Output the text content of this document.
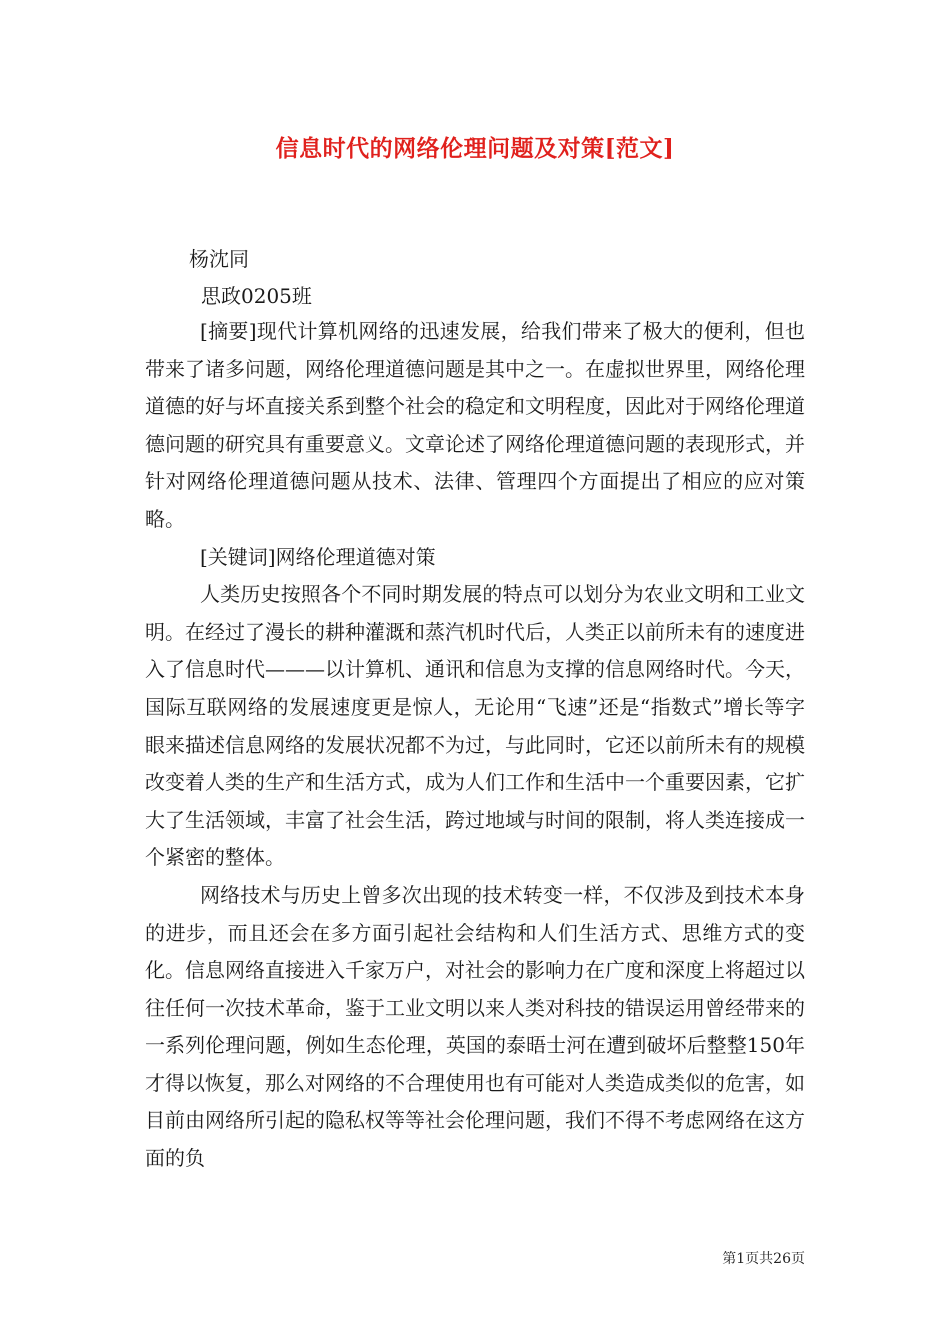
信息时代的网络伦理问题及对策[范文]
杨沈同
思政0205班

[摘要]现代计算机网络的迅速发展，给我们带来了极大的便利，但也带来了诸多问题，网络伦理道德问题是其中之一。在虚拟世界里，网络伦理道德的好与坏直接关系到整个社会的稳定和文明程度，因此对于网络伦理道德问题的研究具有重要意义。文章论述了网络伦理道德问题的表现形式，并针对网络伦理道德问题从技术、法律、管理四个方面提出了相应的应对策略。

[关键词]网络伦理道德对策

人类历史按照各个不同时期发展的特点可以划分为农业文明和工业文明。在经过了漫长的耕种灌溉和蒸汽机时代后，人类正以前所未有的速度进入了信息时代———以计算机、通讯和信息为支撑的信息网络时代。今天，国际互联网络的发展速度更是惊人，无论用“飞速”还是“指数式”增长等字眼来描述信息网络的发展状况都不为过，与此同时，它还以前所未有的规模改变着人类的生产和生活方式，成为人们工作和生活中一个重要因素，它扩大了生活领域，丰富了社会生活，跨过地域与时间的限制，将人类连接成一个紧密的整体。

网络技术与历史上曾多次出现的技术转变一样，不仅涉及到技术本身的进步，而且还会在多方面引起社会结构和人们生活方式、思维方式的变化。信息网络直接进入千家万户，对社会的影响力在广度和深度上将超过以往任何一次技术革命，鉴于工业文明以来人类对科技的错误运用曾经带来的一系列伦理问题，例如生态伦理，英国的泰晤士河在遭到破坏后整整150年才得以恢复，那么对网络的不合理使用也有可能对人类造成类似的危害，如目前由网络所引起的隐私权等等社会伦理问题，我们不得不考虑网络在这方面的负

第1页共26页
